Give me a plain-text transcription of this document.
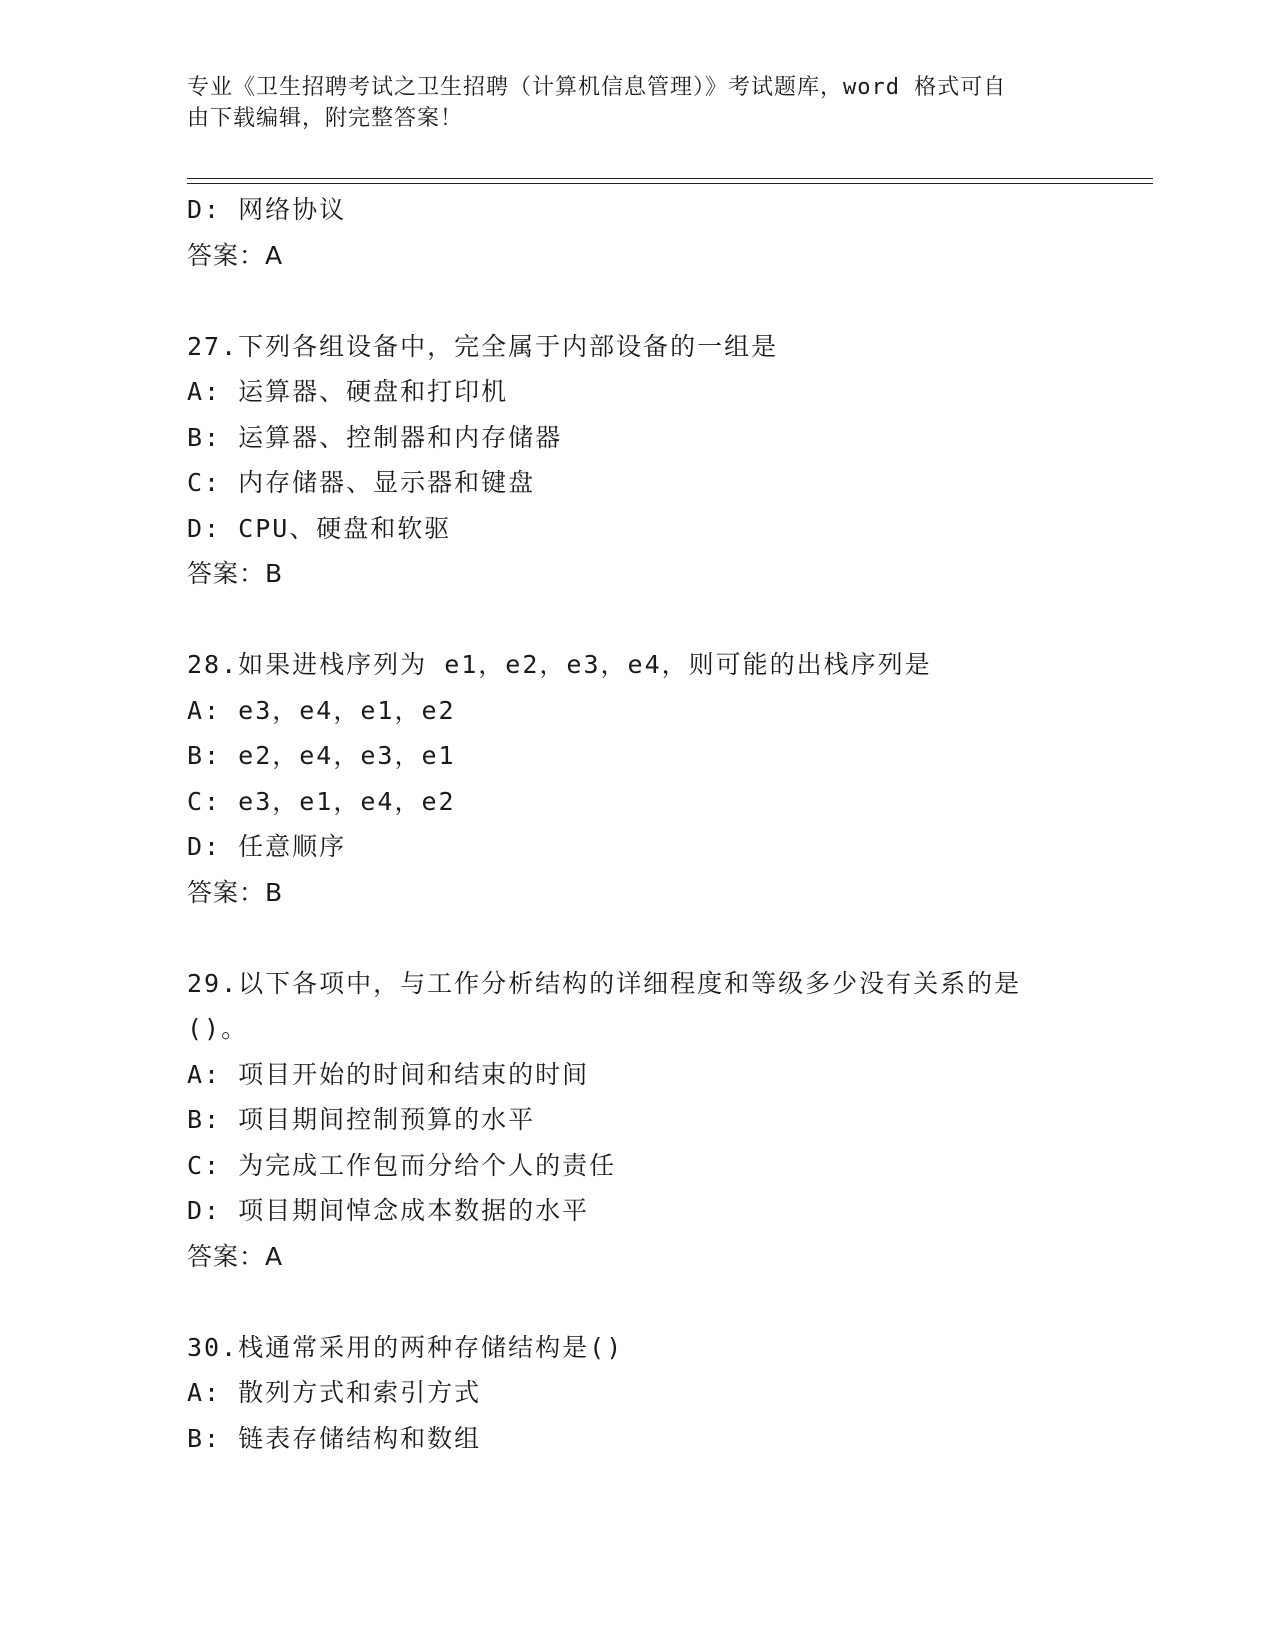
专业《卫生招聘考试之卫生招聘（计算机信息管理）》考试题库，word 格式可自
由下载编辑，附完整答案！
D: 网络协议
答案：A
27.下列各组设备中，完全属于内部设备的一组是
A: 运算器、硬盘和打印机
B: 运算器、控制器和内存储器
C: 内存储器、显示器和键盘
D: CPU、硬盘和软驱
答案：B
28.如果进栈序列为 e1，e2，e3，e4，则可能的出栈序列是
A: e3，e4，e1，e2
B: e2，e4，e3，e1
C: e3，e1，e4，e2
D: 任意顺序
答案：B
29.以下各项中，与工作分析结构的详细程度和等级多少没有关系的是
()。
A: 项目开始的时间和结束的时间
B: 项目期间控制预算的水平
C: 为完成工作包而分给个人的责任
D: 项目期间悼念成本数据的水平
答案：A
30.栈通常采用的两种存储结构是()
A: 散列方式和索引方式
B: 链表存储结构和数组
